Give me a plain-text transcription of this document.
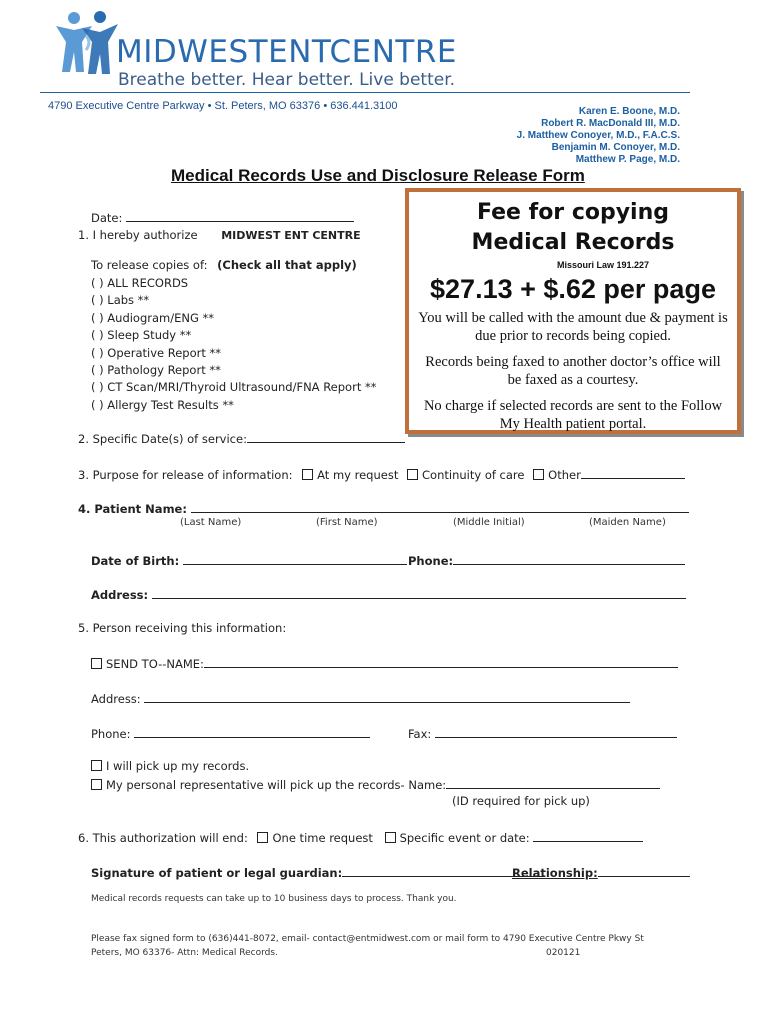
MIDWESTENTCENTRE
Breathe better. Hear better. Live better.
4790 Executive Centre Parkway • St. Peters, MO 63376 • 636.441.3100	Karen E. Boone, M.D.
Robert R. MacDonald III, M.D.
J. Matthew Conoyer, M.D., F.A.C.S.
Benjamin M. Conoyer, M.D.
Matthew P. Page, M.D.
Medical Records Use and Disclosure Release Form
Date:
1. I hereby authorize MIDWEST ENT CENTRE
To release copies of: (Check all that apply)
( ) ALL RECORDS
( ) Labs **
( ) Audiogram/ENG **
( ) Sleep Study **
( ) Operative Report **
( ) Pathology Report **
( ) CT Scan/MRI/Thyroid Ultrasound/FNA Report **
( ) Allergy Test Results **
Fee for copying
Medical Records
Missouri Law 191.227
$27.13 + $.62 per page
You will be called with the amount due & payment is due prior to records being copied.
Records being faxed to another doctor’s office will be faxed as a courtesy.
No charge if selected records are sent to the Follow My Health patient portal.
2. Specific Date(s) of service:
3. Purpose for release of information: At my request Continuity of care Other
4. Patient Name:
(Last Name)	(First Name)	(Middle Initial)	(Maiden Name)
Date of Birth:	Phone:
Address:
5. Person receiving this information:
SEND TO--NAME:
Address:
Phone:	Fax:
I will pick up my records.
My personal representative will pick up the records- Name:
(ID required for pick up)
6. This authorization will end: One time request Specific event or date:
Signature of patient or legal guardian:	Relationship:
Medical records requests can take up to 10 business days to process. Thank you.
Please fax signed form to (636)441-8072, email- contact@entmidwest.com or mail form to 4790 Executive Centre Pkwy St
Peters, MO 63376- Attn: Medical Records.	020121
